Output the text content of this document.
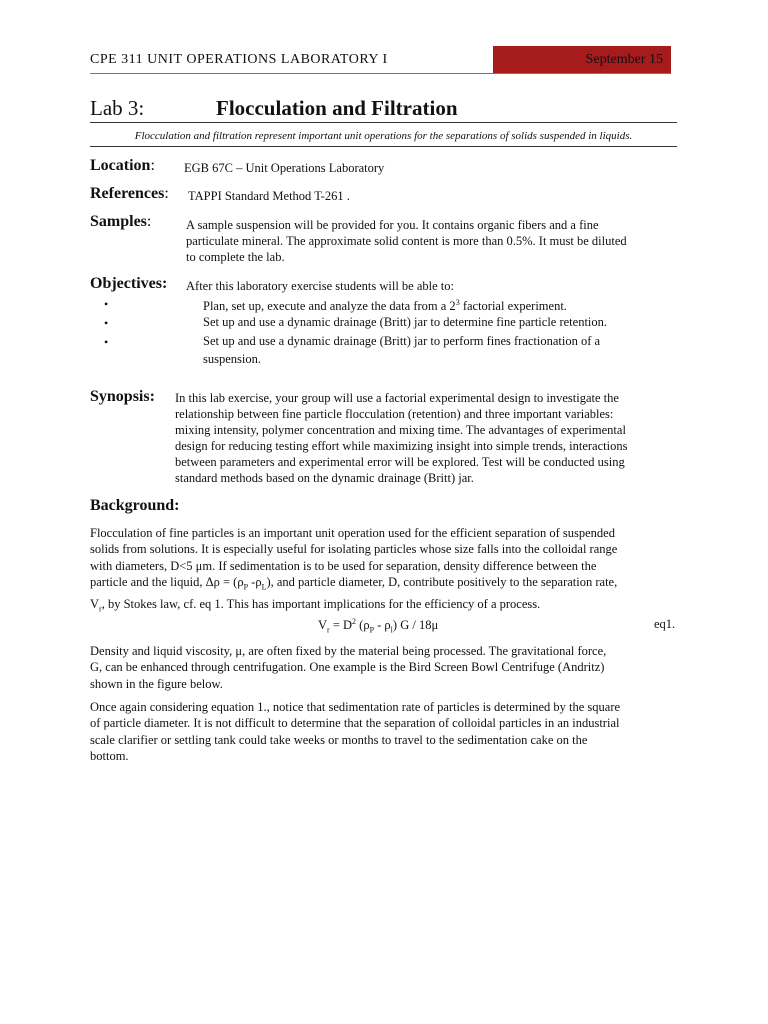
CPE 311 UNIT OPERATIONS LABORATORY I	September 15
Lab 3:	Flocculation and Filtration
Flocculation and filtration represent important unit operations for the separations of solids suspended in liquids.
Location: EGB 67C – Unit Operations Laboratory
References: TAPPI Standard Method T-261 .
Samples:	A sample suspension will be provided for you. It contains organic fibers and a fine
particulate mineral. The approximate solid content is more than 0.5%. It must be diluted
to complete the lab.
Objectives: After this laboratory exercise students will be able to:
•	Plan, set up, execute and analyze the data from a $2^3$ factorial experiment.
•	Set up and use a dynamic drainage (Britt) jar to determine fine particle retention.
•	Set up and use a dynamic drainage (Britt) jar to perform fines fractionation of a suspension.
Synopsis: In this lab exercise, your group will use a factorial experimental design to investigate the
relationship between fine particle flocculation (retention) and three important variables:
mixing intensity, polymer concentration and mixing time. The advantages of experimental
design for reducing testing effort while maximizing insight into simple trends, interactions
between parameters and experimental error will be explored. Test will be conducted using
standard methods based on the dynamic drainage (Britt) jar.
Background:
Flocculation of fine particles is an important unit operation used for the efficient separation of suspended
solids from solutions. It is especially useful for isolating particles whose size falls into the colloidal range
with diameters, D<5 μm. If sedimentation is to be used for separation, density difference between the
particle and the liquid, $\Delta\rho = (\rho_P$ $-\rho_L$), and particle diameter, D, contribute positively to the separation rate,
$V_r$, by Stokes law, cf. eq 1. This has important implications for the efficiency of a process.
$V_r = D^2$ $(\rho_P - \rho_l)$ G / 18μ	eq1.
Density and liquid viscosity, μ, are often fixed by the material being processed. The gravitational force,
G, can be enhanced through centrifugation. One example is the Bird Screen Bowl Centrifuge (Andritz)
shown in the figure below.
Once again considering equation 1., notice that sedimentation rate of particles is determined by the square
of particle diameter. It is not difficult to determine that the separation of colloidal particles in an industrial
scale clarifier or settling tank could take weeks or months to travel to the sedimentation cake on the
bottom.
